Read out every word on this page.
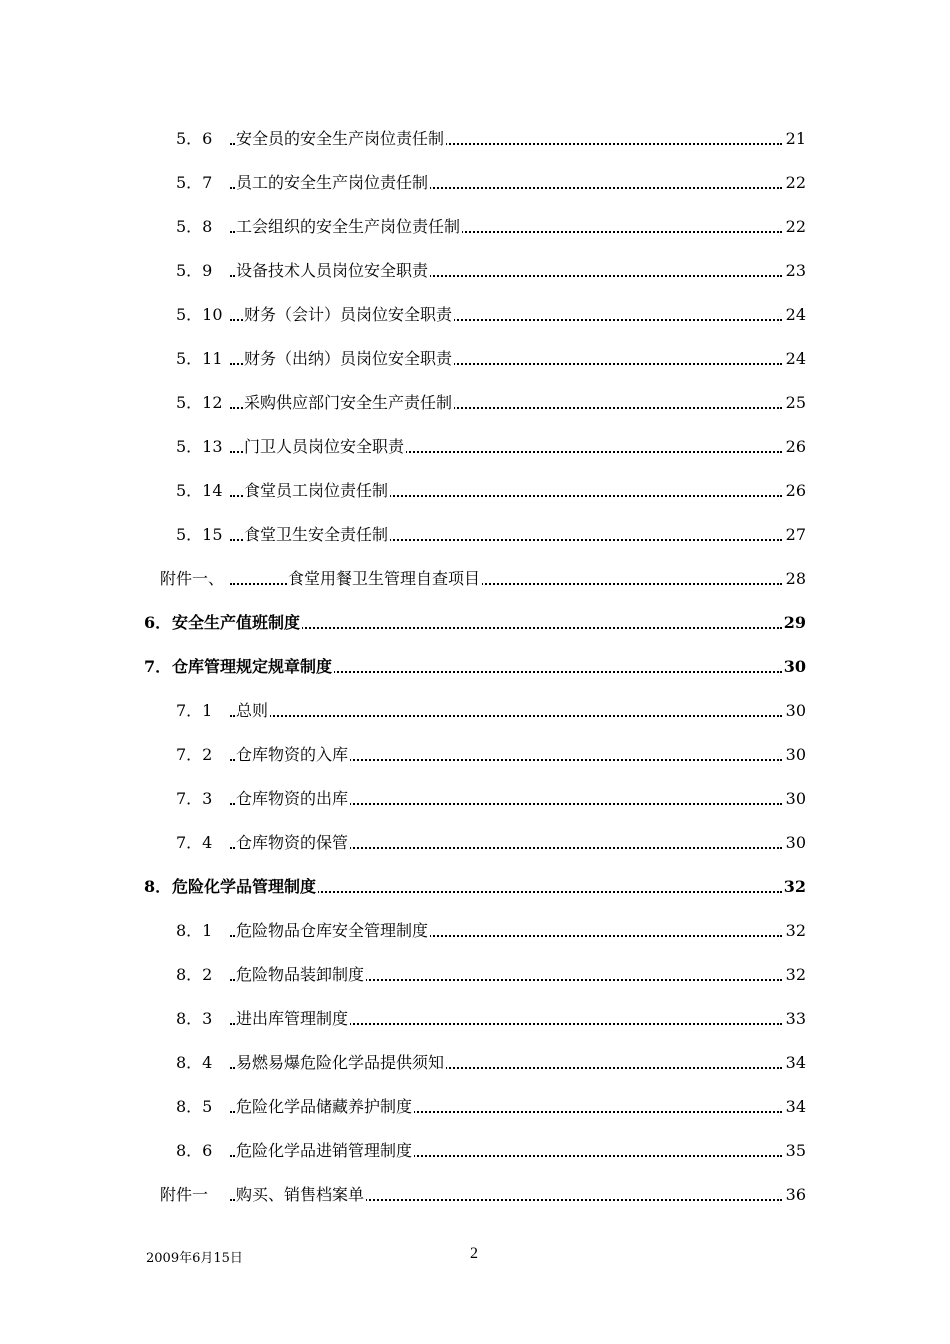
5．6 安全员的安全生产岗位责任制	21
5．7 员工的安全生产岗位责任制	22
5．8 工会组织的安全生产岗位责任制	22
5．9 设备技术人员岗位安全职责	23
5．10 财务（会计）员岗位安全职责	24
5．11 财务（出纳）员岗位安全职责	24
5．12 采购供应部门安全生产责任制	25
5．13 门卫人员岗位安全职责	26
5．14 食堂员工岗位责任制	26
5．15 食堂卫生安全责任制	27
附件一、	食堂用餐卫生管理自查项目	28
6． 安全生产值班制度	29
7． 仓库管理规定规章制度	30
7．1 总则	30
7．2 仓库物资的入库	30
7．3 仓库物资的出库	30
7．4 仓库物资的保管	30
8． 危险化学品管理制度	32
8．1 危险物品仓库安全管理制度	32
8．2 危险物品装卸制度	32
8．3 进出库管理制度	33
8．4 易燃易爆危险化学品提供须知	34
8．5 危险化学品储藏养护制度	34
8．6 危险化学品进销管理制度	35
附件一 购买、销售档案单	36
2009年6月15日	2
